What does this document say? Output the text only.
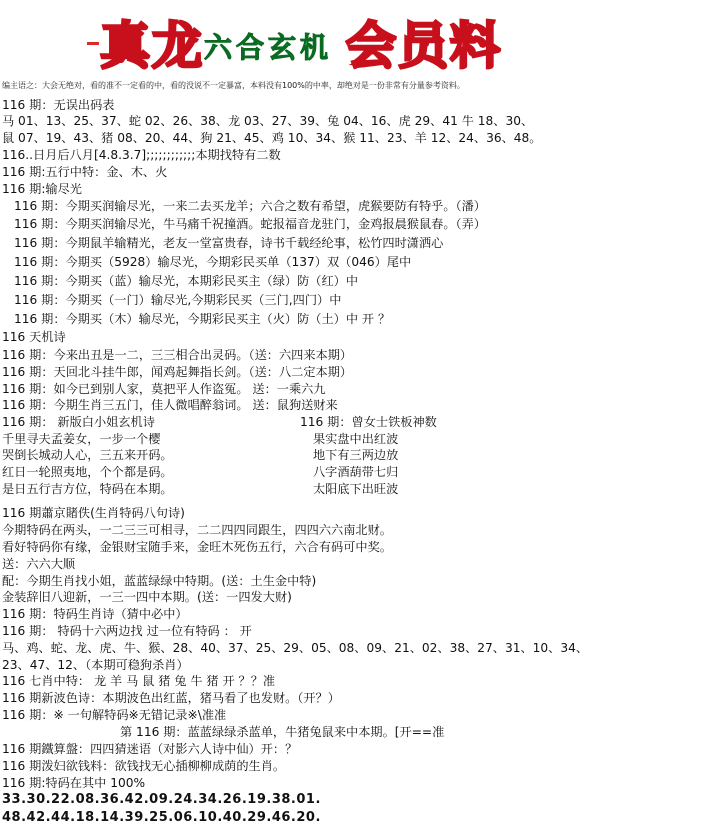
真龙 六合玄机 会员料
编主语之：大会无绝对，看的准不一定看的中，看的没说不一定暴富，本料没有100%的中率，却绝对是一份非常有分量参考资料。
116 期：无误出码表
马 01、13、25、37、蛇 02、26、38、龙 03、27、39、兔 04、16、虎 29、41 牛 18、30、
鼠 07、19、43、猪 08、20、44、狗 21、45、鸡 10、34、猴 11、23、羊 12、24、36、48。
116..日月后八月[4.8.3.7];;;;;;;;;;;;本期找特有二数
116 期:五行中特：金、木、火
116 期:输尽光
116 期：今期买润输尽光，一来二去买龙羊；六合之数有希望，虎猴要防有特乎。（潘）
116 期：今期买润输尽光，牛马痛千祝撞酒。蛇报福音龙驻门，金鸡报晨猴鼠春。（弄）
116 期：今期鼠羊输精光，老友一堂富贵春，诗书千载经纶事，松竹四时潇洒心
116 期：今期买（5928）输尽光，今期彩民买单（137）双（046）尾中
116 期：今期买（蓝）输尽光，本期彩民买主（绿）防（红）中
116 期：今期买（一门）输尽光,今期彩民买（三门,四门）中
116 期：今期买（木）输尽光，今期彩民买主（火）防（土）中 开 ？
116 天机诗
116 期：今来出丑是一二，三三相合出灵码。（送：六四来本期）
116 期：天回北斗挂牛郎，闻鸡起舞指长剑。（送：八二定本期）
116 期：如今已到别人家，莫把平人作盗冤。 送：一乘六九
116 期：今期生肖三五门，佳人微唱醉翁词。 送：鼠狗送财来
116 期： 新版白小姐玄机诗	116 期：曾女士铁板神数
千里寻夫孟姜女，一步一个樱	果实盘中出红波
哭倒长城动人心，三五来开码。	地下有三两边放
红日一轮照夷地，个个都是码。	八字酒葫带七归
是日五行吉方位，特码在本期。	太阳底下出旺波
116 期蕭京賭佚(生肖特码八句诗)
今期特码在两头，一二三三可相寻，二二四四同跟生，四四六六南北财。
看好特码你有缘，金银财宝随手来，金旺木死伤五行，六合有码可中奖。
送：六六大顺
配：今期生肖找小姐，蓝蓝绿绿中特期。(送：土生金中特)
金装辞旧八迎新，一三一四中本期。(送：一四发大财)
116 期：特码生肖诗（猜中必中）
116 期： 特码十六两边找 过一位有特码 ： 开
马、鸡、蛇、龙、虎、牛、猴、28、40、37、25、29、05、08、09、21、02、38、27、31、10、34、
23、47、12、（本期可稳狗杀肖）
116 七肖中特： 龙 羊 马 鼠 猪 兔 牛 猪 开 ？？准
116 期新波色诗：本期波色出红蓝，猪马看了也发财。（开？）
116 期：※ 一句解特码※无错记录※\准准
第 116 期：蓝蓝绿绿杀蓝单，牛猪兔鼠来中本期。[开==准
116 期鐵算盤：四四猜迷语（对影六人诗中仙）开：？
116 期泼妇欲钱料：欲钱找无心插柳柳成荫的生肖。
116 期:特码在其中 100%
33.30.22.08.36.42.09.24.34.26.19.38.01.
48.42.44.18.14.39.25.06.10.40.29.46.20.
